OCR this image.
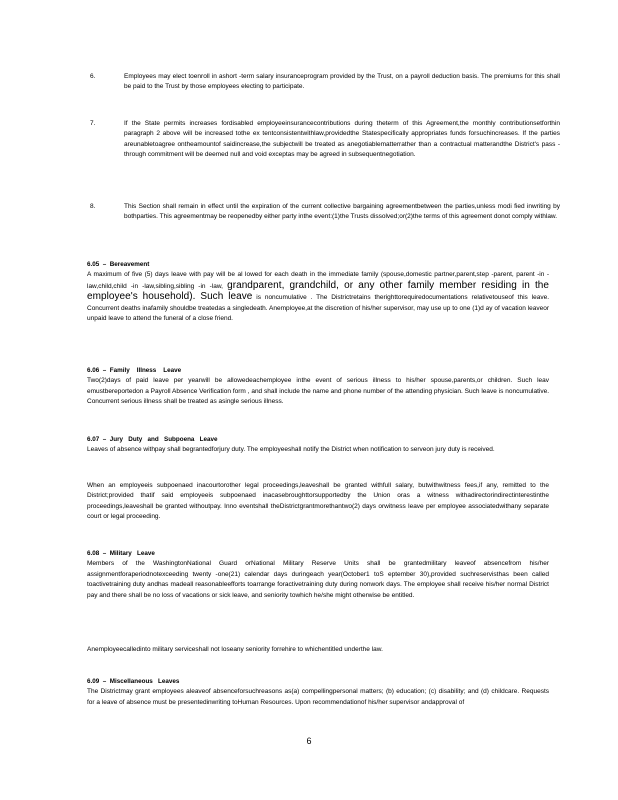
6.	Employees may elect toenroll in ashort -term salary insuranceprogram provided by the Trust, on a payroll deduction basis. The premiums for this shall be paid to the Trust by those employees electing to participate.
7.	If the State permits increases fordisabled employeeinsurancecontributions during theterm of this Agreement,the monthly contributionsetforthin paragraph 2 above will be increased tothe ex tentconsistentwithlaw,providedthe Statespecifically appropriates funds forsuchincreases. If the parties areunabletoagree ontheamountof saidincrease,the subjectwill be treated as anegotiablematterrather than a contractual matterandthe District's pass -through commitment will be deemed null and void exceptas may be agreed in subsequentnegotiation.
8.	This Section shall remain in effect until the expiration of the current collective bargaining agreementbetween the parties,unless modi fied inwriting by bothparties. This agreementmay be reopenedby either party inthe event:(1)the Trusts dissolved;or(2)the terms of this agreement donot comply withlaw.
6.05  –  Bereavement

A maximum of five (5) days leave with pay will be al lowed for each death in the immediate family (spouse,domestic partner,parent,step -parent, parent -in -law,child,child -in -law,sibling,sibling -in -law, grandparent, grandchild, or any other family member residing in the employee's household). Such leave is noncumulative . The Districtretains therighttorequiredocumentations relativetouseof this leave. Concurrent deaths inafamily shouldbe treatedas a singledeath. Anemployee,at the discretion of his/her supervisor, may use up to one (1)d ay of vacation leaveor unpaid leave to attend the funeral of a close friend.

6.06  –  Family    Illness    Leave

Two(2)days of paid leave per yearwill be allowedeachemployee inthe event of serious illness to his/her spouse,parents,or children. Such leav emustbereportedon a Payroll Absence Verification form , and shall include the name and phone number of the attending physician. Such leave is noncumulative. Concurrent serious illness shall be treated as asingle serious illness.

6.07  –  Jury   Duty   and   Subpoena   Leave

Leaves of absence withpay shall begrantedforjury duty. The employeeshall notify the District when notification to serveon jury duty is received.

When an employeeis subpoenaed inacourtorother legal proceedings,leaveshall be granted withfull salary, butwithwitness fees,if any, remitted to the District;provided thatif said employeeis subpoenaed inacasebroughttorsupportedby the Union oras a witness withadirectorindirectinterestinthe proceedings,leaveshall be granted withoutpay. Inno eventshall theDistrictgrantmorethantwo(2) days orwitness leave per employee associatedwithany separate court or legal proceeding.

6.08  –  Military   Leave

Members of the WashingtonNational Guard orNational Military Reserve Units shall be grantedmilitary leaveof absencefrom his/her assignmentforaperiodnotexceeding twenty -one(21) calendar days duringeach year(October1 toS eptember 30),provided suchreservisthas been called toactivetraining duty andhas madeall reasonableefforts toarrange foractivetraining duty during nonwork days. The employee shall receive his/her normal District pay and there shall be no loss of vacations or sick leave, and seniority towhich he/she might otherwise be entitled.

Anemployeecalledinto military serviceshall not loseany seniority forrehire to whichentitled underthe law.

6.09  –  Miscellaneous   Leaves

The Districtmay grant employees aleaveof absenceforsuchreasons as(a) compellingpersonal matters; (b) education; (c) disability; and (d) childcare. Requests for a leave of absence must be presentedinwriting toHuman Resources. Upon recommendationof his/her supervisor andapproval of

6
